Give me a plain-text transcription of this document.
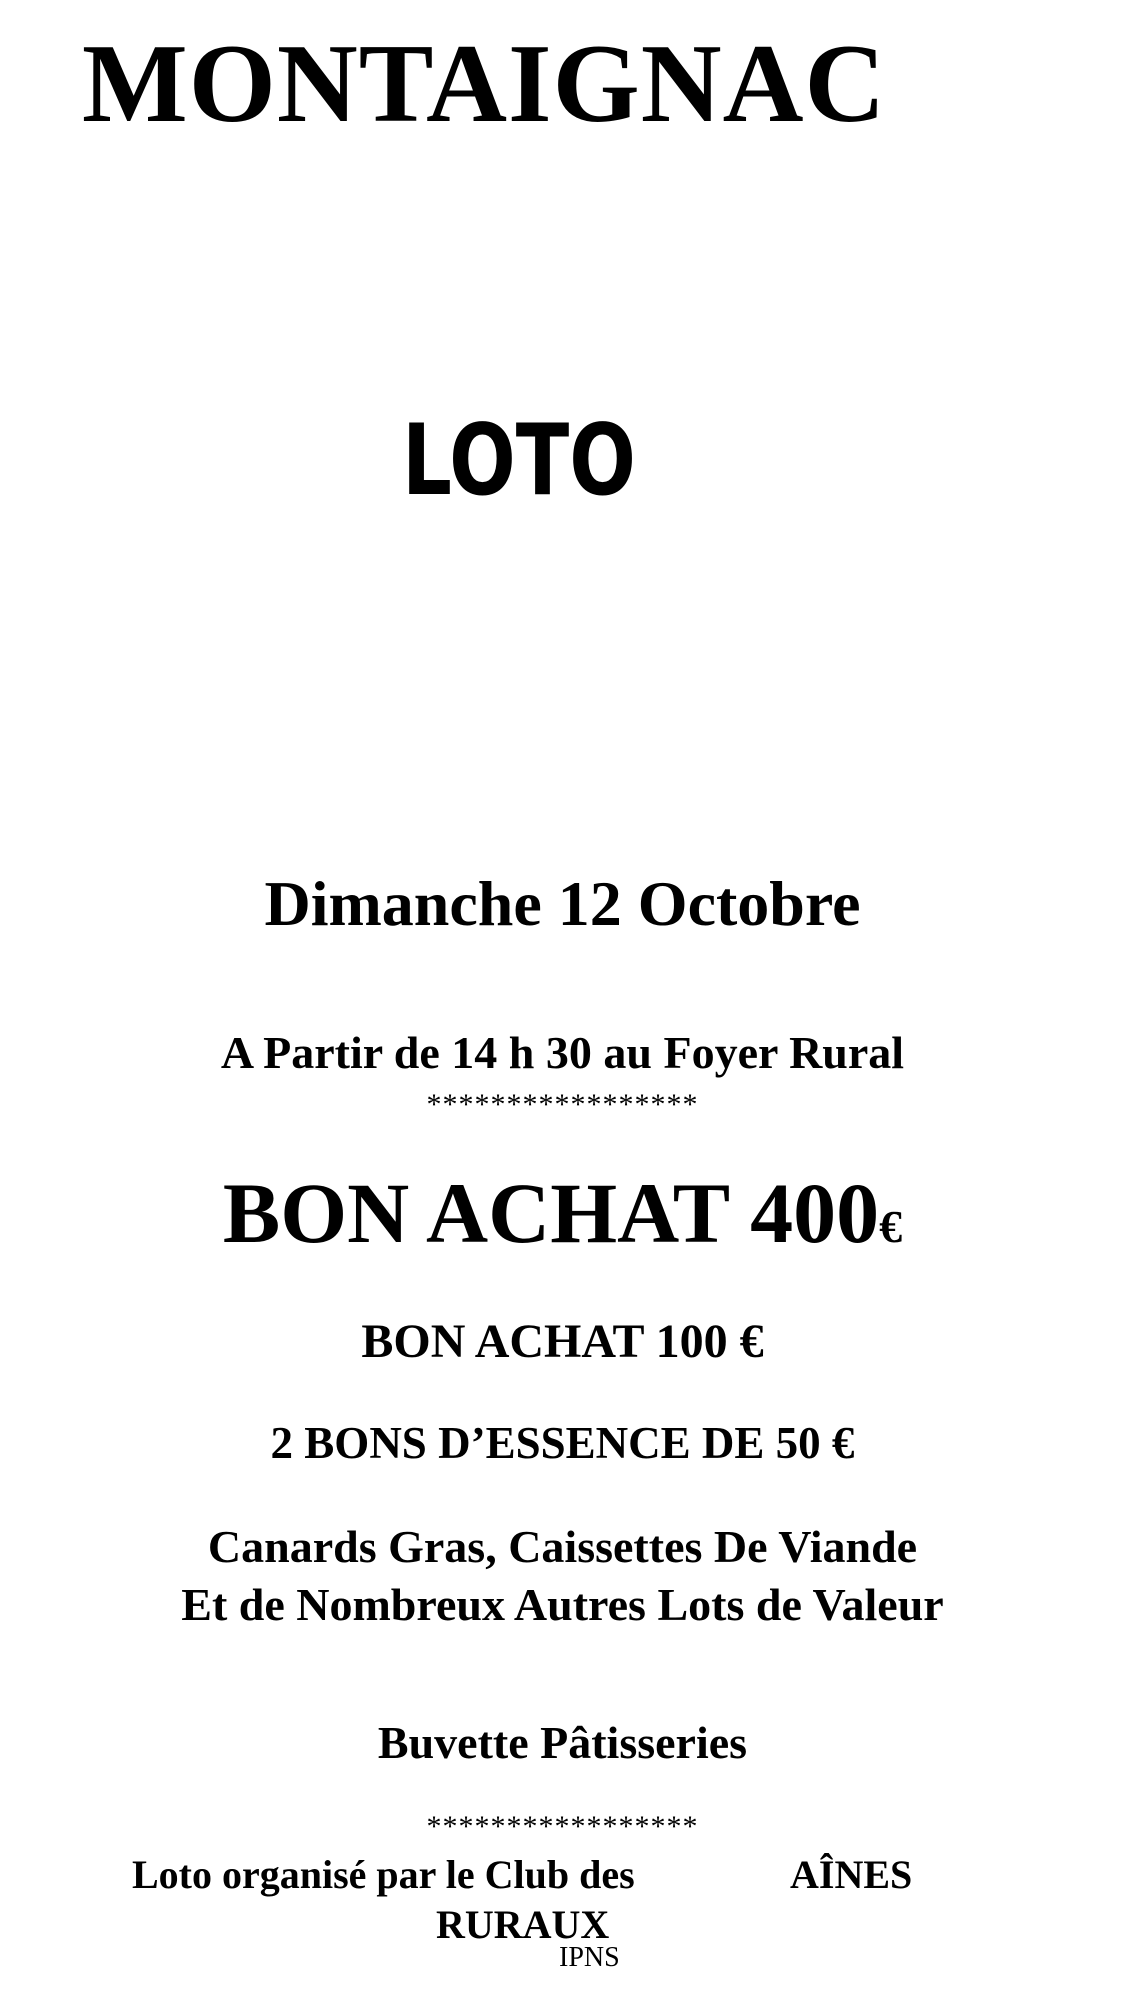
MONTAIGNAC
LOTO
Dimanche 12 Octobre
A Partir de 14 h 30 au Foyer Rural
*****************
BON ACHAT 400€
BON ACHAT 100 €
2 BONS D’ESSENCE DE 50 €
Canards Gras, Caissettes De Viande
Et de Nombreux Autres Lots de Valeur
Buvette Pâtisseries
*****************
Loto organisé par le Club des	AÎNES
RURAUX
IPNS
